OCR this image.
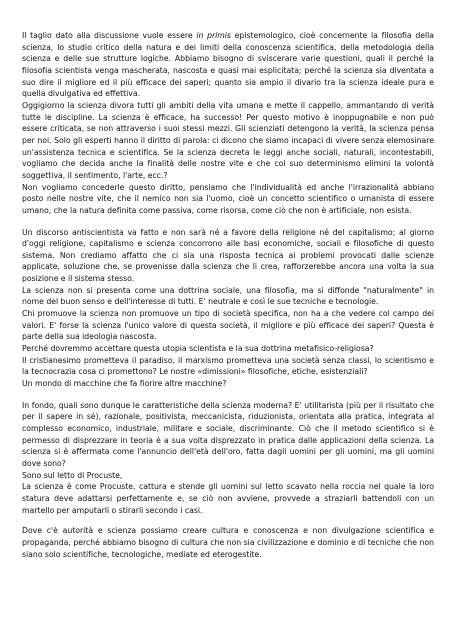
Il taglio dato alla discussione vuole essere in primis epistemologico, cioè concernente la filosofia della scienza, lo studio critico della natura e dei limiti della conoscenza scientifica, della metodologia della scienza e delle sue strutture logiche. Abbiamo bisogno di sviscerare varie questioni, quali il perché la filosofia scientista venga mascherata, nascosta e quasi mai esplicitata; perché la scienza sia diventata a suo dire il migliore ed il più efficace dei saperi; quanto sia ampio il divario tra la scienza ideale pura e quella divulgativa ed effettiva.

Oggigiorno la scienza divora tutti gli ambiti della vita umana e mette il cappello, ammantando di verità tutte le discipline. La scienza è efficace, ha successo! Per questo motivo è inoppugnabile e non può essere criticata, se non attraverso i suoi stessi mezzi. Gli scienziati detengono la verità, la scienza pensa per noi. Solo gli esperti hanno il diritto di parola: ci dicono che siamo incapaci di vivere senza elemosinare un'assistenza tecnica e scientifica. Se la scienza decreta le leggi anche sociali, naturali, incontestabili, vogliamo che decida anche la finalità delle nostre vite e che col suo determinismo elimini la volontà soggettiva, il sentimento, l'arte, ecc.?

Non vogliamo concederle questo diritto, pensiamo che l'individualità ed anche l'irrazionalità abbiano posto nelle nostre vite, che il nemico non sia l'uomo, cioè un concetto scientifico o umanista di essere umano, che la natura definita come passiva, come risorsa, come ciò che non è artificiale, non esista.

Un discorso antiscientista va fatto e non sarà né a favore della religione né del capitalismo; al giorno d'oggi religione, capitalismo e scienza concorrono alle basi economiche, sociali e filosofiche di questo sistema. Non crediamo affatto che ci sia una risposta tecnica ai problemi provocati dalle scienze applicate, soluzione che, se provenisse dalla scienza che li crea, rafforzerebbe ancora una volta la sua posizione e il sistema stesso.

La scienza non si presenta come una dottrina sociale, una filosofia, ma si diffonde "naturalmente" in nome del buon senso e dell'interesse di tutti. E' neutrale e così le sue tecniche e tecnologie.

Chi promuove la scienza non promuove un tipo di società specifica, non ha a che vedere col campo dei valori. E' forse la scienza l'unico valore di questa società, il migliore e più efficace dei saperi? Questa è parte della sua ideologia nascosta.

Perché dovremmo accettare questa utopia scientista e la sua dottrina metafisico-religiosa?

Il cristianesimo prometteva il paradiso, il marxismo prometteva una società senza classi, lo scientismo e la tecnocrazia cosa ci promettono? Le nostre «dimissioni» filosofiche, etiche, esistenziali?

Un mondo di macchine che fa fiorire altre macchine?

In fondo, quali sono dunque le caratteristiche della scienza moderna? E' utilitarista (più per il risultato che per il sapere in sé), razionale, positivista, meccanicista, riduzionista, orientata alla pratica, integrata al complesso economico, industriale, militare e sociale, discriminante. Ciò che il metodo scientifico si è permesso di disprezzare in teoria è a sua volta disprezzato in pratica dalle applicazioni della scienza. La scienza si è affermata come l'annuncio dell'età dell'oro, fatta dagli uomini per gli uomini, ma gli uomini dove sono?

Sono sul letto di Procuste,

La scienza è come Procuste, cattura e stende gli uomini sul letto scavato nella roccia nel quale la loro statura deve adattarsi perfettamente e, se ciò non avviene, provvede a straziarli battendoli con un martello per amputarli o stirarli secondo i casi.

Dove c'è autorità e scienza possiamo creare cultura e conoscenza e non divulgazione scientifica e propaganda, perché abbiamo bisogno di cultura che non sia civilizzazione e dominio e di tecniche che non siano solo scientifiche, tecnologiche, mediate ed eterogestite.
